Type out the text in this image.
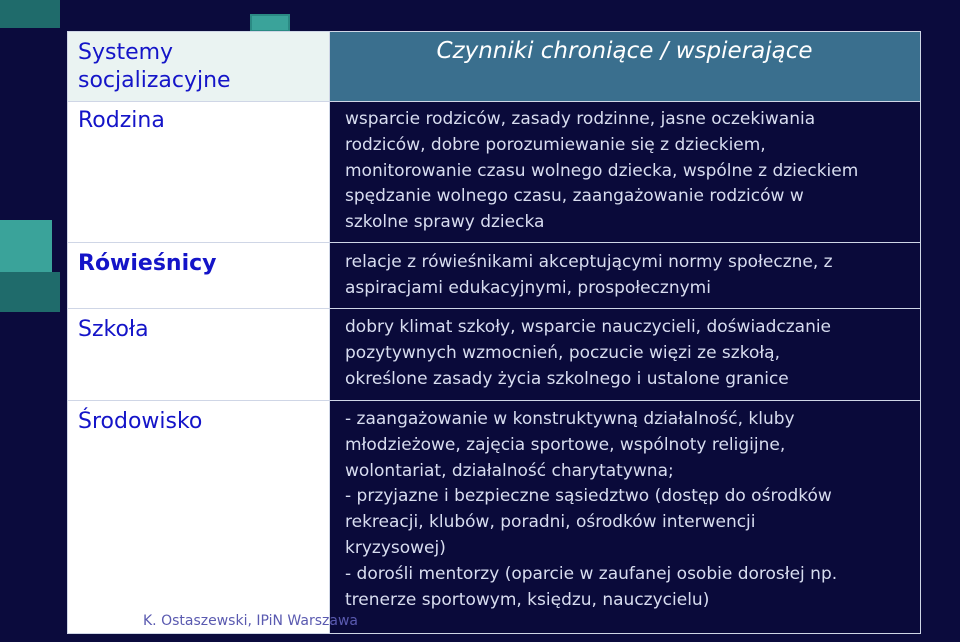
Systemy
socjalizacyjne
Czynniki chroniące / wspierające
Rodzina
Rówieśnicy
Szkoła
Środowisko
wsparcie rodziców, zasady rodzinne, jasne oczekiwania
rodziców, dobre porozumiewanie się z dzieckiem,
monitorowanie czasu wolnego dziecka, wspólne z dzieckiem
spędzanie wolnego czasu, zaangażowanie rodziców w
szkolne sprawy dziecka
relacje z rówieśnikami akceptującymi normy społeczne, z
aspiracjami edukacyjnymi, prospołecznymi
dobry klimat szkoły, wsparcie nauczycieli, doświadczanie
pozytywnych wzmocnień, poczucie więzi ze szkołą,
określone zasady życia szkolnego i ustalone granice
- zaangażowanie w konstruktywną działalność, kluby
młodzieżowe, zajęcia sportowe, wspólnoty religijne,
wolontariat, działalność charytatywna;
- przyjazne i bezpieczne sąsiedztwo (dostęp do ośrodków
rekreacji, klubów, poradni, ośrodków interwencji
kryzysowej)
- dorośli mentorzy (oparcie w zaufanej osobie dorosłej np.
trenerze sportowym, księdzu, nauczycielu)
K. Ostaszewski, IPiN Warszawa
